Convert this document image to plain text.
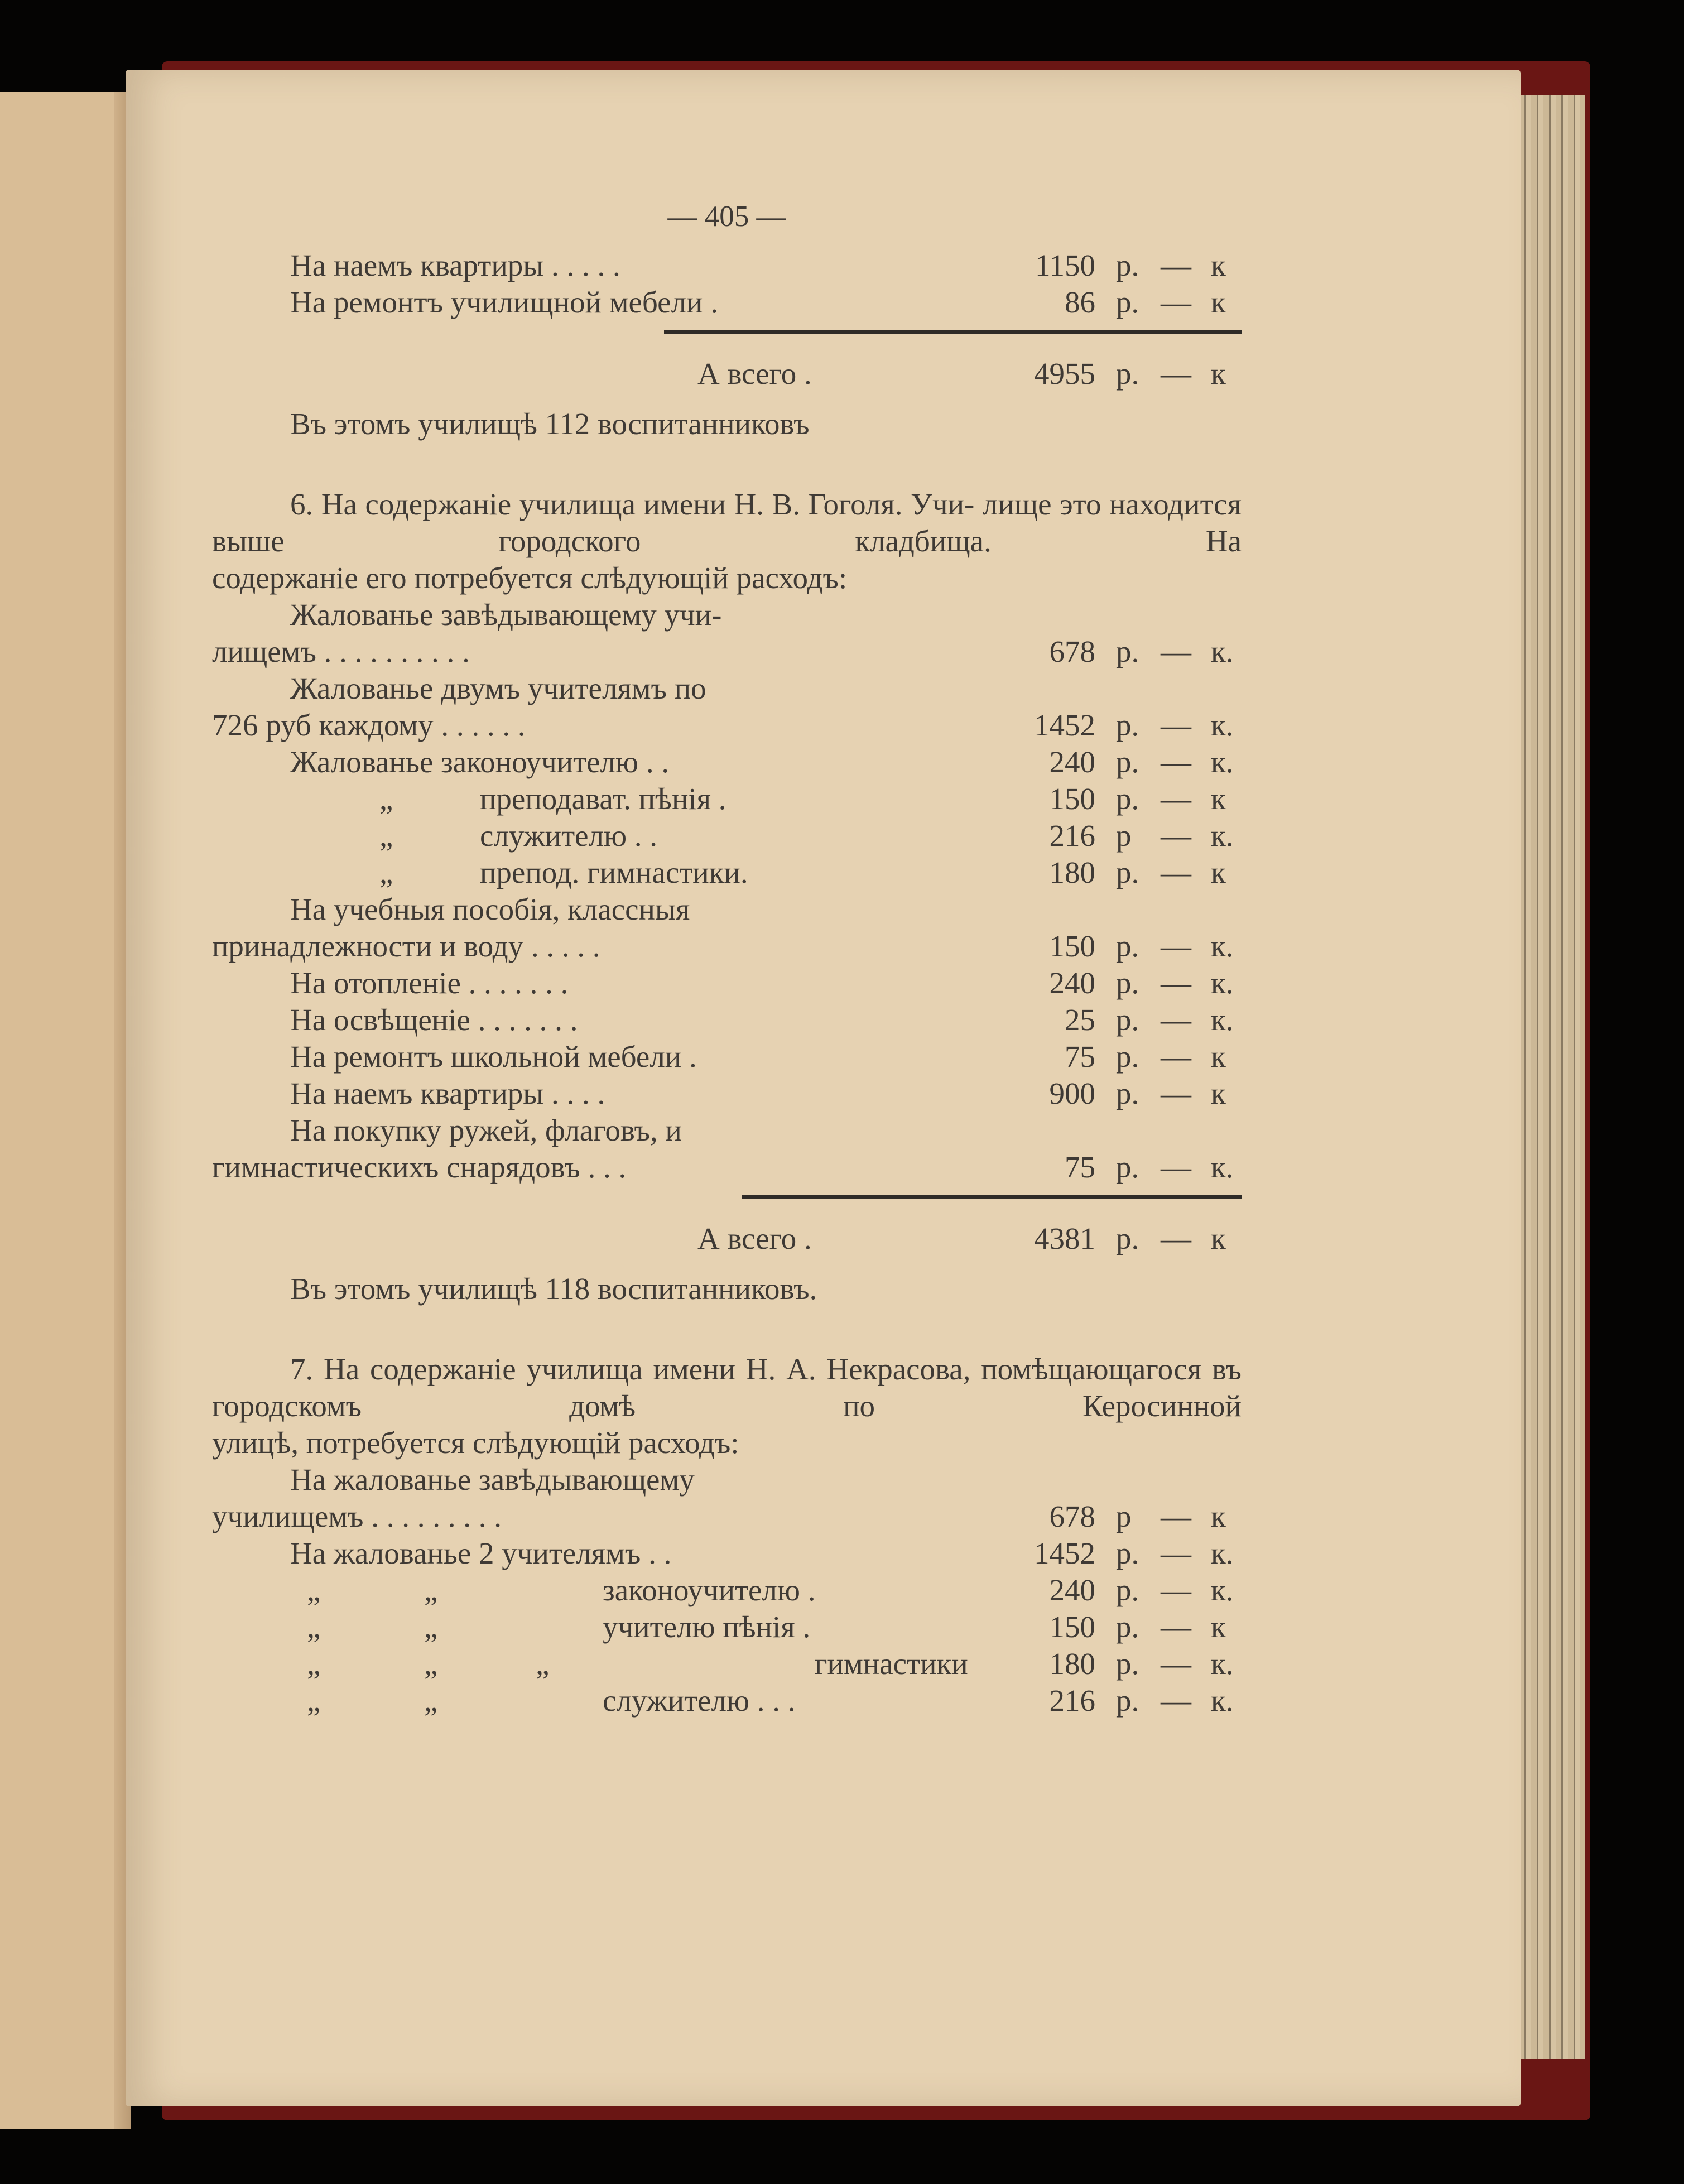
— 405 —
На наемъ квартиры . . . . .	1150 р. — к
На ремонтъ училищной мебели .	86 р. — к
А всего .	4955 р. — к
Въ этомъ училищѣ 112 воспитанниковъ
6. На содержаніе училища имени Н. В. Гоголя. Учи- лище это находится выше городского кладбища. На
содержаніе его потребуется слѣдующій расходъ:
Жалованье завѣдывающему учи-
лищемъ . . . . . . . . . .	678 р. — к.
Жалованье двумъ учителямъ по
726 руб каждому . . . . . .	1452 р. — к.
Жалованье законоучителю . .	240 р. — к.
„	преподават. пѣнія .	150 р. — к
„	служителю . .	216 р — к.
„	препод. гимнастики.	180 р. — к
На учебныя пособія, классныя
принадлежности и воду . . . . .	150 р. — к.
На отопленіе . . . . . . .	240 р. — к.
На освѣщеніе . . . . . . .	25 р. — к.
На ремонтъ школьной мебели .	75 р. — к
На наемъ квартиры . . . .	900 р. — к
На покупку ружей, флаговъ, и
гимнастическихъ снарядовъ . . .	75 р. — к.
А всего .	4381 р. — к
Въ этомъ училищѣ 118 воспитанниковъ.
7. На содержаніе училища имени Н. А. Некрасова, помѣщающагося въ городскомъ домѣ по Керосинной
улицѣ, потребуется слѣдующій расходъ:
На жалованье завѣдывающему
училищемъ . . . . . . . . .	678 р — к
На жалованье 2 учителямъ . .	1452 р. — к.
„	„	законоучителю .	240 р. — к.
„	„	учителю пѣнія .	150 р. — к
„	„	„	гимнастики	180 р. — к.
„	„	служителю . . .	216 р. — к.
